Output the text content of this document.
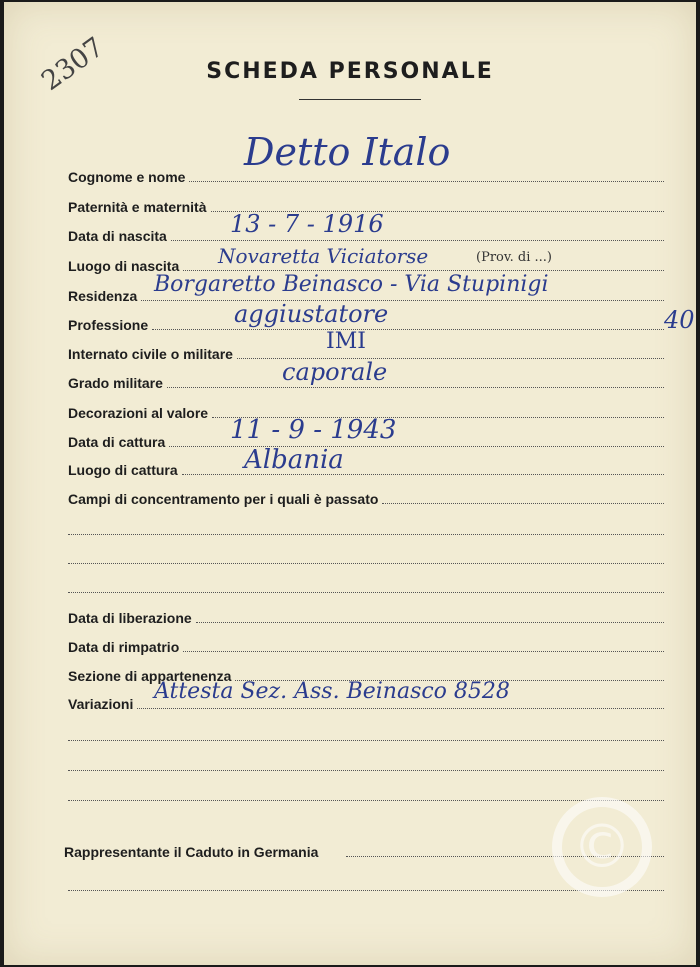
2307	SCHEDA PERSONALE
Cognome e nome
Paternità e maternità
Data di nascita
Luogo di nascita
Residenza
Professione
Internato civile o militare
Grado militare
Decorazioni al valore
Data di cattura
Luogo di cattura
Campi di concentramento per i quali è passato
Data di liberazione
Data di rimpatrio
Sezione di appartenenza
Variazioni
Rappresentante il Caduto in Germania
Detto Italo
13 - 7 - 1916
Novaretta Viciatorse	(Prov. di ...)
Borgaretto Beinasco - Via Stupinigi
40
aggiustatore
IMI
caporale
11 - 9 - 1943
Albania
Attesta Sez. Ass. Beinasco 8528
©
